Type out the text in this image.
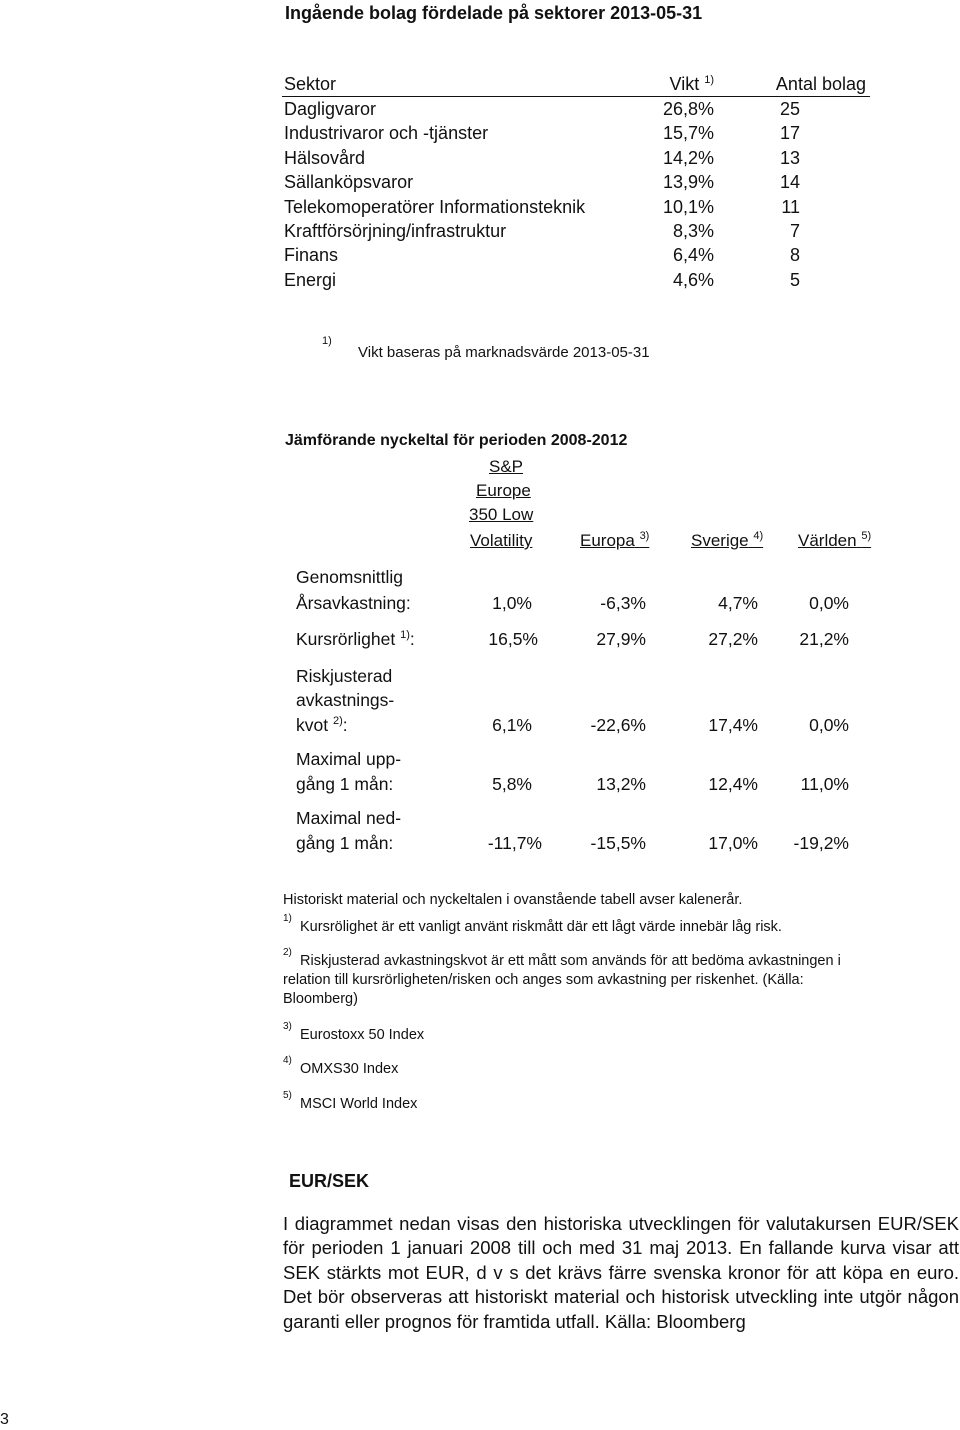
Ingående bolag fördelade på sektorer 2013-05-31
Sektor	Vikt $^{1)}$	Antal bolag
Dagligvaror	26,8%	25
Industrivaror och -tjänster	15,7%	17
Hälsovård	14,2%	13
Sällanköpsvaror	13,9%	14
Telekomoperatörer Informationsteknik	10,1%	11
Kraftförsörjning/infrastruktur	8,3%	7
Finans	6,4%	8
Energi	4,6%	5
1)
Vikt baseras på marknadsvärde 2013-05-31
Jämförande nyckeltal för perioden 2008-2012
S&P
Europe
350 Low
Volatility	Europa $^{3)}$ Sverige $^{4)}$ Världen $^{5)}$
Genomsnittlig
Årsavkastning:	1,0%	-6,3%	4,7%	0,0%
Kursrörlighet $^{1)}$:	16,5%	27,9%	27,2% 21,2%
Riskjusterad
avkastnings-
kvot $^{2)}$:	6,1%	-22,6%	17,4%	0,0%
Maximal upp-
gång 1 mån:	5,8%	13,2%	12,4% 11,0%
Maximal ned-
gång 1 mån:	-11,7%	-15,5%	17,0% -19,2%
Historiskt material och nyckeltalen i ovanstående tabell avser kalenerår.
1)
Kursrölighet är ett vanligt använt riskmått där ett lågt värde innebär låg risk.
2)
Riskjusterad avkastningskvot är ett mått som används för att bedöma avkastningen i
relation till kursrörligheten/risken och anges som avkastning per riskenhet. (Källa:
Bloomberg)
3)
Eurostoxx 50 Index
4)
OMXS30 Index
5)
MSCI World Index
EUR/SEK
I diagrammet nedan visas den historiska utvecklingen för valutakursen EUR/SEK för perioden 1 januari 2008 till och med 31 maj 2013. En fallande kurva visar att SEK stärkts mot EUR, d v s det krävs färre svenska kronor för att köpa en euro. Det bör observeras att historiskt material och historisk utveckling inte utgör någon garanti eller prognos för framtida utfall. Källa: Bloomberg
3
